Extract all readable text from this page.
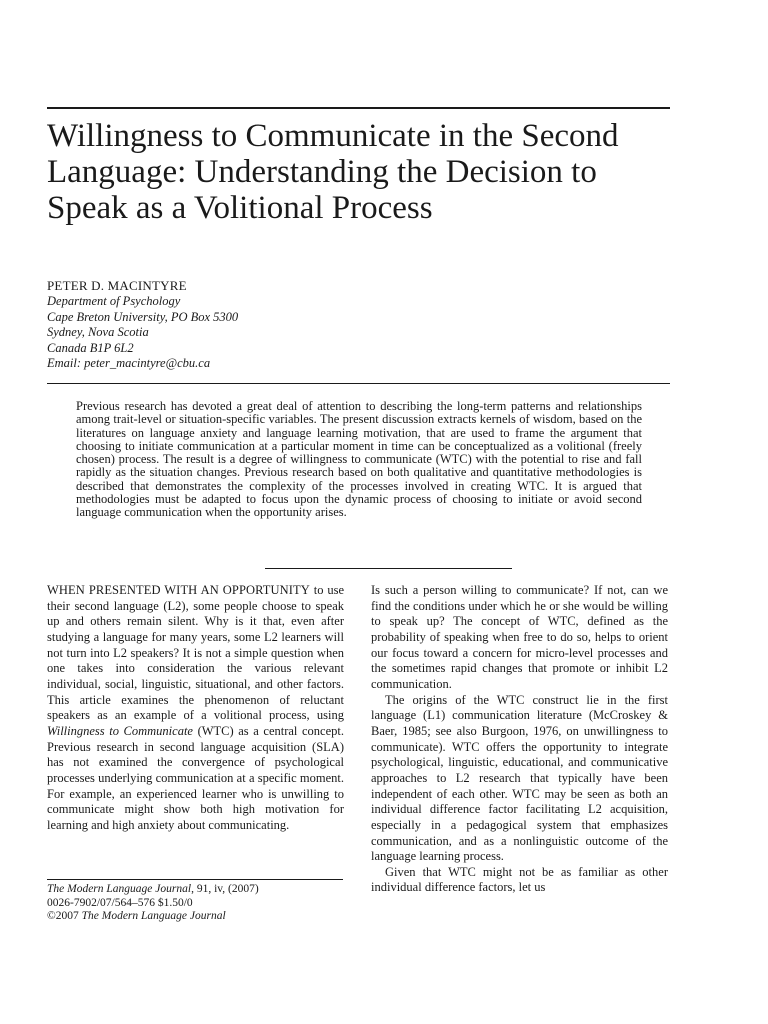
Willingness to Communicate in the Second Language: Understanding the Decision to Speak as a Volitional Process
PETER D. MACINTYRE
Department of Psychology
Cape Breton University, PO Box 5300
Sydney, Nova Scotia
Canada B1P 6L2
Email: peter_macintyre@cbu.ca

Previous research has devoted a great deal of attention to describing the long-term patterns and relationships among trait-level or situation-specific variables. The present discussion extracts kernels of wisdom, based on the literatures on language anxiety and language learning motivation, that are used to frame the argument that choosing to initiate communication at a particular moment in time can be conceptualized as a volitional (freely chosen) process. The result is a degree of willingness to communicate (WTC) with the potential to rise and fall rapidly as the situation changes. Previous research based on both qualitative and quantitative methodologies is described that demonstrates the complexity of the processes involved in creating WTC. It is argued that methodologies must be adapted to focus upon the dynamic process of choosing to initiate or avoid second language communication when the opportunity arises.

WHEN PRESENTED WITH AN OPPORTUNITY to use their second language (L2), some people choose to speak up and others remain silent. Why is it that, even after studying a language for many years, some L2 learners will not turn into L2 speakers? It is not a simple question when one takes into consideration the various relevant individual, social, linguistic, situational, and other factors. This article examines the phenomenon of reluctant speakers as an example of a volitional process, using Willingness to Communicate (WTC) as a central concept. Previous research in second language acquisition (SLA) has not examined the convergence of psychological processes underlying communication at a specific moment. For example, an experienced learner who is unwilling to communicate might show both high motivation for learning and high anxiety about communicating.

The Modern Language Journal, 91, iv, (2007)
0026-7902/07/564–576 $1.50/0
©2007 The Modern Language Journal

Is such a person willing to communicate? If not, can we find the conditions under which he or she would be willing to speak up? The concept of WTC, defined as the probability of speaking when free to do so, helps to orient our focus toward a concern for micro-level processes and the sometimes rapid changes that promote or inhibit L2 communication.

The origins of the WTC construct lie in the first language (L1) communication literature (McCroskey & Baer, 1985; see also Burgoon, 1976, on unwillingness to communicate). WTC offers the opportunity to integrate psychological, linguistic, educational, and communicative approaches to L2 research that typically have been independent of each other. WTC may be seen as both an individual difference factor facilitating L2 acquisition, especially in a pedagogical system that emphasizes communication, and as a nonlinguistic outcome of the language learning process.

Given that WTC might not be as familiar as other individual difference factors, let us
